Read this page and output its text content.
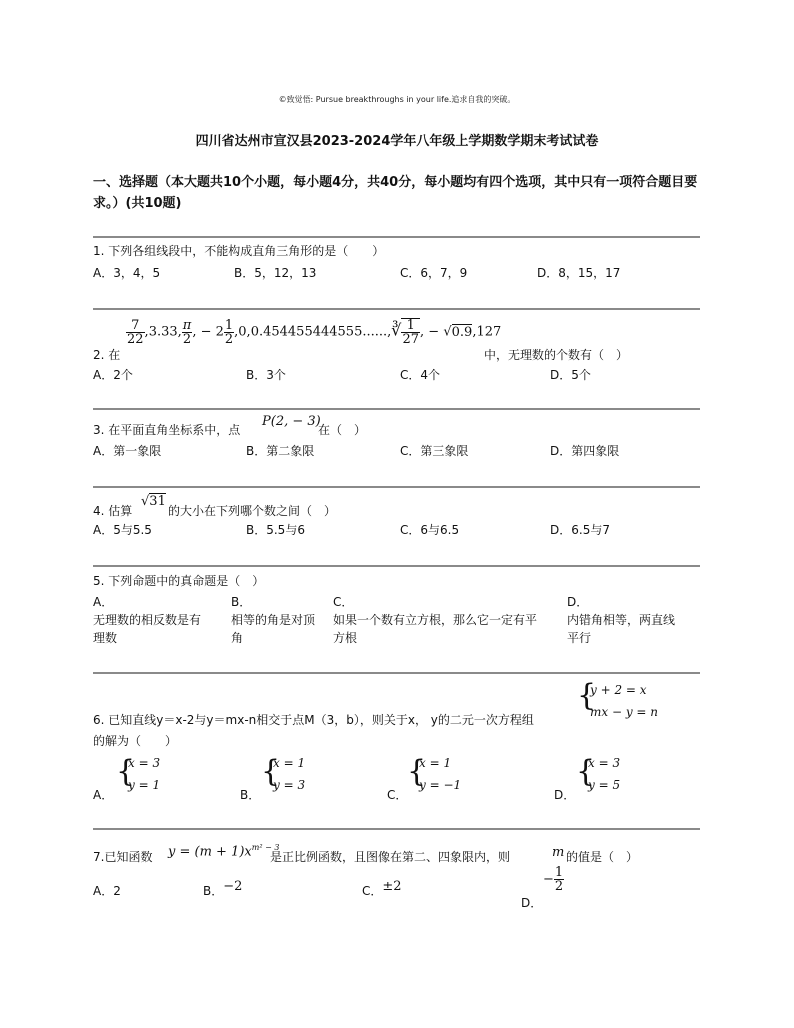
©致觉悟: Pursue breakthroughs in your life.追求自我的突破。
四川省达州市宣汉县2023-2024学年八年级上学期数学期末考试试卷
一、选择题（本大题共10个小题，每小题4分，共40分，每小题均有四个选项，其中只有一项符合题目要求。）(共10题)
1. 下列各组线段中，不能构成直角三角形的是（　　）
A．3，4，5	B．5，12，13	C．6，7，9	D．8，15，17
2. 在
$\frac{7}{22} ,3.33$, $\frac{\pi}{2}$ , − $2 \frac{1}{2}$ ,0,0.454455444555......,∛ $\frac{1}{27}$ , − √0.9,127
中，无理数的个数有（　）
A．2个	B．3个	C．4个	D．5个
3. 在平面直角坐标系中，点
P(2, − 3)
在（　）
A．第一象限	B．第二象限	C．第三象限	D．第四象限
4. 估算
√31
的大小在下列哪个数之间（　）
A．5与5.5	B．5.5与6	C．6与6.5	D．6.5与7
5. 下列命题中的真命题是（　）
A．
无理数的相反数是有
理数
B．
相等的角是对顶
角
C．
如果一个数有立方根，那么它一定有平
方根
D．
内错角相等，两直线
平行
6. 已知直线y＝x-2与y＝mx-n相交于点M（3，b），则关于x， y的二元一次方程组
{
y + 2 = x
mx − y = n
的解为（　　）
A．
{
x = 3
y = 1
B．
{
x = 1
y = 3
C．
{
x = 1
y = −1
D．
{
x = 3
y = 5
7.已知函数 $y = (m + 1)x^{m^2 - 3}$
是正比例函数，且图像在第二、四象限内，则	m 的值是（　）
A．2	B．−2	C．±2
D．
− $\frac{1}{2}$
